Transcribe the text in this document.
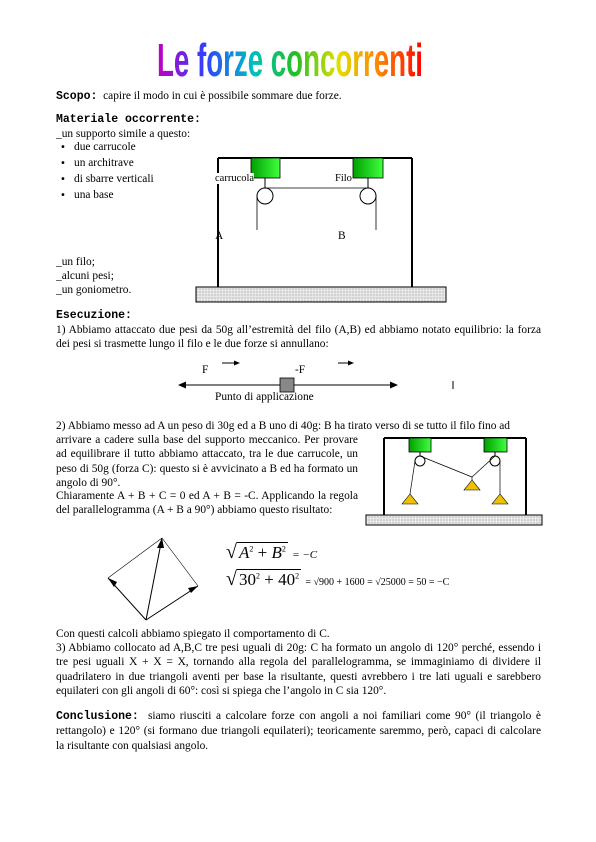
Le forze concorrenti
Scopo: capire il modo in cui è possibile sommare due forze.
Materiale occorrente:
_un supporto simile a questo:
• due carrucole
• un architrave
• di sbarre verticali
• una base
_un filo;
_alcuni pesi;
_un goniometro.
carrucola	Filo
A	B
Esecuzione:
1) Abbiamo attaccato due pesi da 50g all’estremità del filo (A,B) ed abbiamo notato equilibrio: la forza dei pesi si trasmette lungo il filo e le due forze si annullano:
F	-F
Punto di applicazione
2) Abbiamo messo ad A un peso di 30g ed a B uno di 40g: B ha tirato verso di se tutto il filo fino ad
arrivare a cadere sulla base del supporto meccanico. Per provare ad equilibrare il tutto abbiamo attaccato, tra le due carrucole, un peso di 50g (forza C): questo si è avvicinato a B ed ha formato un angolo di 90°.
Chiaramente A + B + C = 0 ed A + B = -C. Applicando la regola del parallelogramma (A + B a 90°) abbiamo questo risultato:
√ $A^2 + B^2 = -C$
√ $30^2 + 40^2 = √900 + 1600 = √25000 = 50 = -C$
Con questi calcoli abbiamo spiegato il comportamento di C.
3) Abbiamo collocato ad A,B,C tre pesi uguali di 20g: C ha formato un angolo di 120° perché, essendo i tre pesi uguali X + X = X, tornando alla regola del parallelogramma, se immaginiamo di dividere il quadrilatero in due triangoli aventi per base la risultante, questi avrebbero i tre lati uguali e sarebbero equilateri con gli angoli di 60°: così si spiega che l’angolo in C sia 120°.
Conclusione: siamo riusciti a calcolare forze con angoli a noi familiari come 90° (il triangolo è rettangolo) e 120° (si formano due triangoli equilateri); teoricamente saremmo, però, capaci di calcolare la risultante con qualsiasi angolo.
